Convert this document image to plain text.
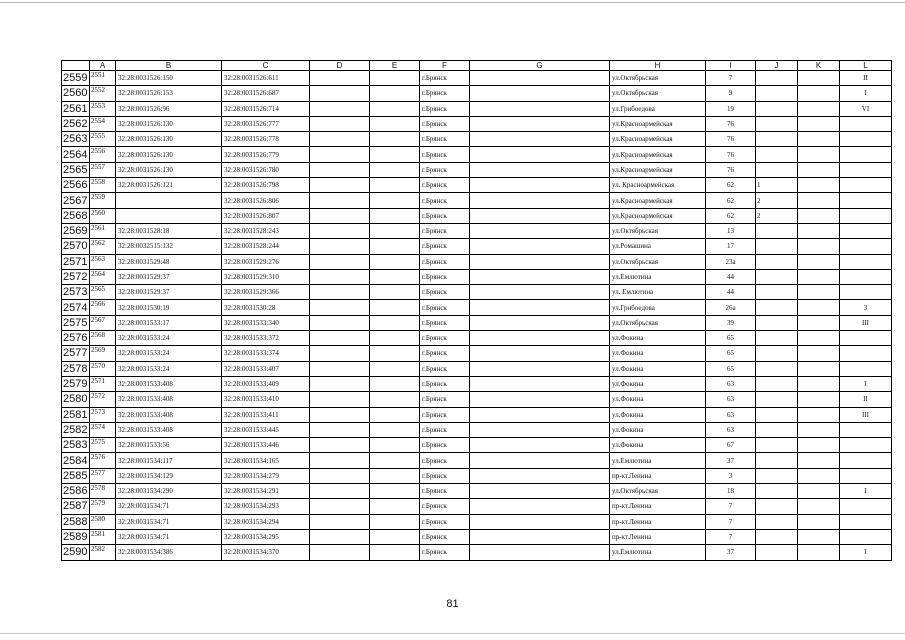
	A	B	C	D	E	F	G	H	I	J	K	L
2559	2551	32:28:0031526:150	32:28:0031526:611			г.Брянск		ул.Октябрьская	7			II
2560	2552	32:28:0031526:153	32:28:0031526:687			г.Брянск		ул.Октябрьская	9			I
2561	2553	32:28:0031526:96	32:28:0031526:714			г.Брянск		ул.Грибоедова	19			VI
2562	2554	32:28:0031526:130	32:28:0031526:777			г.Брянск		ул.Красноармейская	76			
2563	2555	32:28:0031526:130	32:28:0031526:778			г.Брянск		ул.Красноармейская	76			
2564	2556	32:28:0031526:130	32:28:0031526:779			г.Брянск		ул.Красноармейская	76			
2565	2557	32:28:0031526:130	32:28:0031526:780			г.Брянск		ул.Красноармейская	76			
2566	2558	32:28:0031526:121	32:28:0031526:798			г.Брянск		ул. Красноармейская	62	1		
2567	2559		32:28:0031526:806			г.Брянск		ул.Красноармейская	62	2		
2568	2560		32:28:0031526:807			г.Брянск		ул.Красноармейская	62	2		
2569	2561	32:28:0031528:18	32:28:0031528:243			г.Брянск		ул.Октябрьская	13			
2570	2562	32:28:0032515:132	32:28:0031528:244			г.Брянск		ул.Ромашина	17			
2571	2563	32:28:0031529:48	32:28:0031529:276			г.Брянск		ул.Октябрьская	23а			
2572	2564	32:28:0031529:37	32:28:0031529:310			г.Брянск		ул.Емлютина	44			
2573	2565	32:28:0031529:37	32:28:0031529:366			г.Брянск		ул. Емлютина	44			
2574	2566	32:28:0031530:19	32:28:0031530:28			г.Брянск		ул.Грибоедова	26а			3
2575	2567	32:28:0031533:17	32:28:0031533:340			г.Брянск		ул.Октябрьская	39			III
2576	2568	32:28:0031533:24	32:28:0031533:372			г.Брянск		ул.Фокина	65			
2577	2569	32:28:0031533:24	32:28:0031533:374			г.Брянск		ул.Фокина	65			
2578	2570	32:28:0031533:24	32:28:0031533:407			г.Брянск		ул.Фокина	65			
2579	2571	32:28:0031533:408	32:28:0031533:409			г.Брянск		ул.Фокина	63			I
2580	2572	32:28:0031533:408	32:28:0031533:410			г.Брянск		ул.Фокина	63			II
2581	2573	32:28:0031533:408	32:28:0031533:411			г.Брянск		ул.Фокина	63			III
2582	2574	32:28:0031533:408	32:28:0031533:445			г.Брянск		ул.Фокина	63			
2583	2575	32:28:0031533:56	32:28:0031533:446			г.Брянск		ул.Фокина	67			
2584	2576	32:28:0031534:117	32:28:0031534:165			г.Брянск		ул.Емлютина	37			
2585	2577	32:28:0031534:129	32:28:0031534:279			г.Брянск		пр-кт.Ленина	3			
2586	2578	32:28:0031534:290	32:28:0031534:291			г.Брянск		ул.Октябрьская	18			I
2587	2579	32:28:0031534:71	32:28:0031534:293			г.Брянск		пр-кт.Ленина	7			
2588	2580	32:28:0031534:71	32:28:0031534:294			г.Брянск		пр-кт.Ленина	7			
2589	2581	32:28:0031534:71	32:28:0031534:295			г.Брянск		пр-кт.Ленина	7			
2590	2582	32:28:0031534:386	32:28:0031534:370			г.Брянск		ул.Емлютина	37			I
81
